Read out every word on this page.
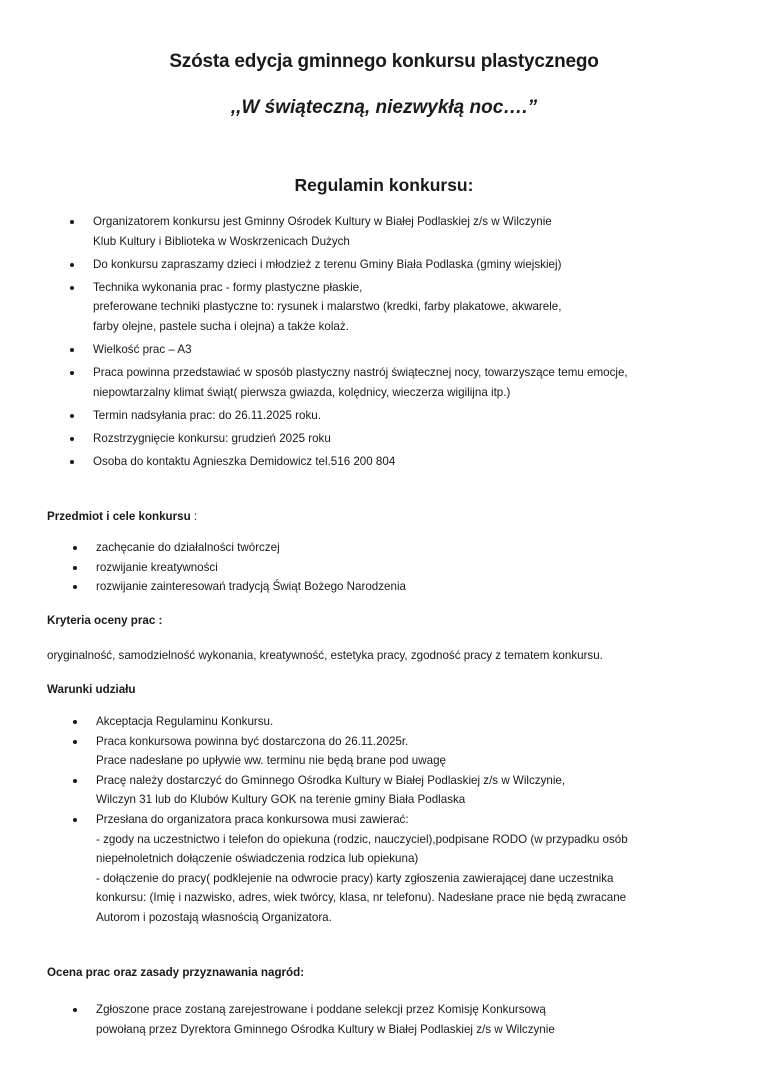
Szósta edycja gminnego konkursu plastycznego
,,W świąteczną, niezwykłą noc….”
Regulamin konkursu:
Organizatorem konkursu jest Gminny Ośrodek Kultury w Białej Podlaskiej z/s w Wilczynie
Klub Kultury i Biblioteka w Woskrzenicach Dużych
Do konkursu zapraszamy dzieci i młodzież z terenu Gminy Biała Podlaska (gminy wiejskiej)
Technika wykonania prac - formy plastyczne płaskie,
preferowane techniki plastyczne to: rysunek i malarstwo (kredki, farby plakatowe, akwarele,
farby olejne, pastele sucha i olejna) a także kolaż.
Wielkość prac – A3
Praca powinna przedstawiać w sposób plastyczny nastrój świątecznej nocy, towarzyszące temu emocje,
niepowtarzalny klimat świąt( pierwsza gwiazda, kolędnicy, wieczerza wigilijna itp.)
Termin nadsyłania prac: do 26.11.2025 roku.
Rozstrzygnięcie konkursu: grudzień 2025 roku
Osoba do kontaktu Agnieszka Demidowicz tel.516 200 804
Przedmiot i cele konkursu :
zachęcanie do działalności twórczej
rozwijanie kreatywności
rozwijanie zainteresowań tradycją Świąt Bożego Narodzenia
Kryteria oceny prac :
oryginalność, samodzielność wykonania, kreatywność, estetyka pracy, zgodność pracy z tematem konkursu.
Warunki udziału
Akceptacja Regulaminu Konkursu.
Praca konkursowa powinna być dostarczona do 26.11.2025r.
Prace nadesłane po upływie ww. terminu nie będą brane pod uwagę
Pracę należy dostarczyć do Gminnego Ośrodka Kultury w Białej Podlaskiej z/s w Wilczynie,
Wilczyn 31 lub do Klubów Kultury GOK na terenie gminy Biała Podlaska
Przesłana do organizatora praca konkursowa musi zawierać:
- zgody na uczestnictwo i telefon do opiekuna (rodzic, nauczyciel),podpisane RODO (w przypadku osób
niepełnoletnich dołączenie oświadczenia rodzica lub opiekuna)
- dołączenie do pracy( podklejenie na odwrocie pracy) karty zgłoszenia zawierającej dane uczestnika
konkursu: (Imię i nazwisko, adres, wiek twórcy, klasa, nr telefonu). Nadesłane prace nie będą zwracane
Autorom i pozostają własnością Organizatora.
Ocena prac oraz zasady przyznawania nagród:
Zgłoszone prace zostaną zarejestrowane i poddane selekcji przez Komisję Konkursową
powołaną przez Dyrektora Gminnego Ośrodka Kultury w Białej Podlaskiej z/s w Wilczynie
